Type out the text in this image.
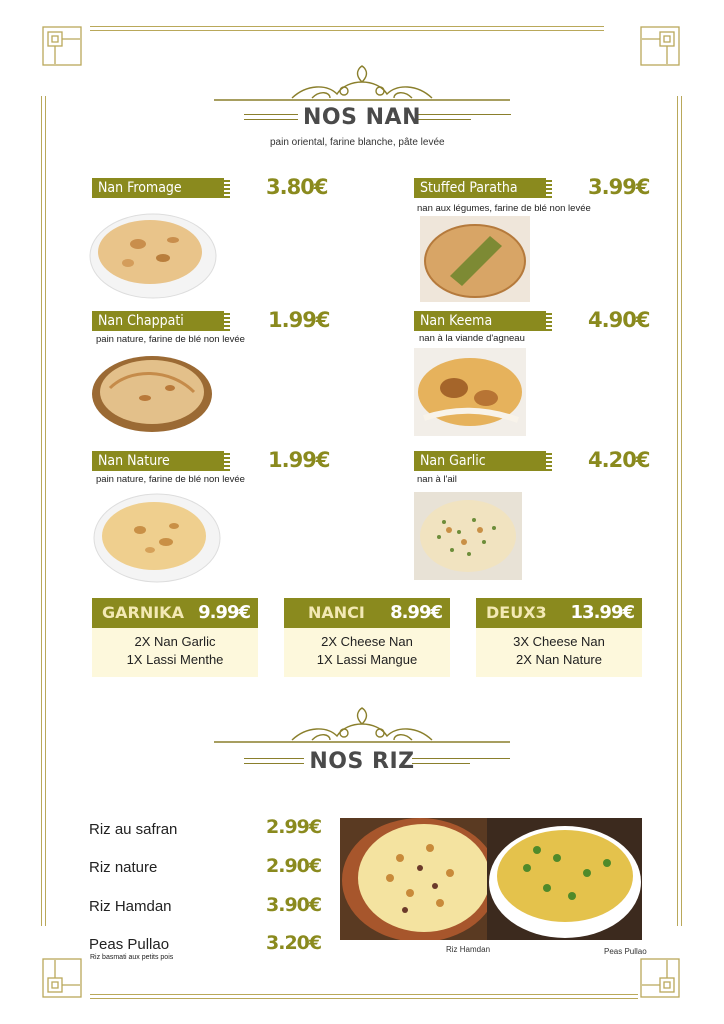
NOS NAN
pain oriental, farine blanche, pâte levée
Nan Fromage	3.80€	Stuffed Paratha	3.99€
nan aux légumes, farine de blé non levée
Nan Chappati	1.99€
pain nature, farine de blé non levée
Nan Keema	4.90€
nan à la viande d'agneau
Nan Nature	1.99€
pain nature, farine de blé non levée
Nan Garlic	4.20€
nan à l'ail
GARNIKA 9.99€
2X Nan Garlic
1X Lassi Menthe
NANCI 8.99€
2X Cheese Nan
1X Lassi Mangue
DEUX3 13.99€
3X Cheese Nan
2X Nan Nature
NOS RIZ
Riz au safran	2.99€
Riz nature	2.90€
Riz Hamdan	3.90€
Peas Pullao	3.20€
Riz basmati aux petits pois
Riz Hamdan	Peas Pullao
